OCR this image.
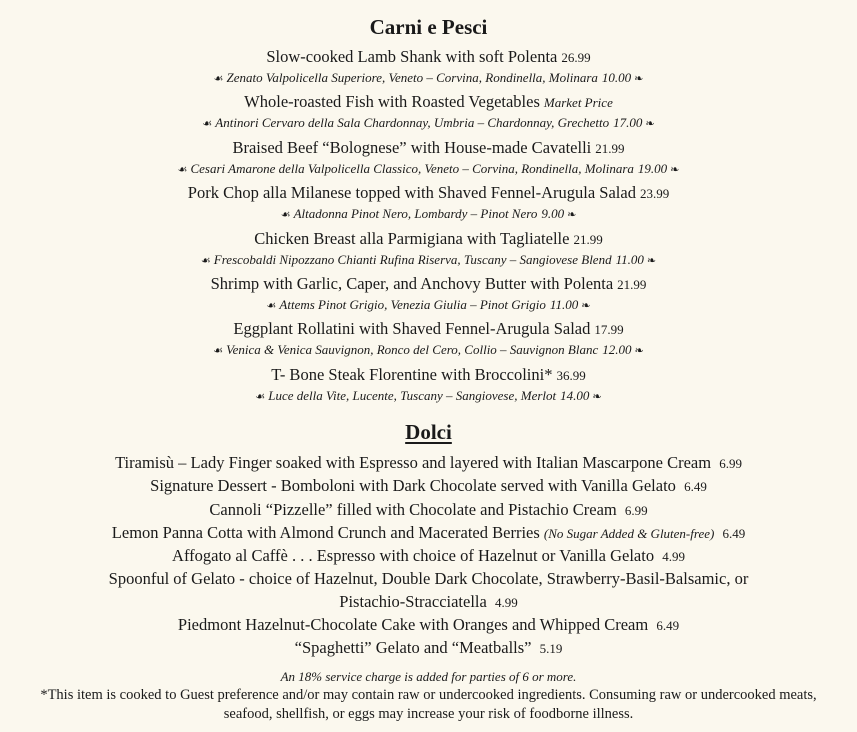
Carni e Pesci
Slow-cooked Lamb Shank with soft Polenta 26.99
☙ Zenato Valpolicella Superiore, Veneto – Corvina, Rondinella, Molinara 10.00 ❧
Whole-roasted Fish with Roasted Vegetables Market Price
☙ Antinori Cervaro della Sala Chardonnay, Umbria – Chardonnay, Grechetto 17.00 ❧
Braised Beef “Bolognese” with House-made Cavatelli 21.99
☙ Cesari Amarone della Valpolicella Classico, Veneto – Corvina, Rondinella, Molinara 19.00 ❧
Pork Chop alla Milanese topped with Shaved Fennel-Arugula Salad 23.99
☙ Altadonna Pinot Nero, Lombardy – Pinot Nero 9.00 ❧
Chicken Breast alla Parmigiana with Tagliatelle 21.99
☙ Frescobaldi Nipozzano Chianti Rufina Riserva, Tuscany – Sangiovese Blend 11.00 ❧
Shrimp with Garlic, Caper, and Anchovy Butter with Polenta 21.99
☙ Attems Pinot Grigio, Venezia Giulia – Pinot Grigio 11.00 ❧
Eggplant Rollatini with Shaved Fennel-Arugula Salad 17.99
☙ Venica & Venica Sauvignon, Ronco del Cero, Collio – Sauvignon Blanc 12.00 ❧
T- Bone Steak Florentine with Broccolini* 36.99
☙ Luce della Vite, Lucente, Tuscany – Sangiovese, Merlot 14.00 ❧
Dolci
Tiramisù – Lady Finger soaked with Espresso and layered with Italian Mascarpone Cream 6.99
Signature Dessert - Bomboloni with Dark Chocolate served with Vanilla Gelato 6.49
Cannoli “Pizzelle” filled with Chocolate and Pistachio Cream 6.99
Lemon Panna Cotta with Almond Crunch and Macerated Berries (No Sugar Added & Gluten-free) 6.49
Affogato al Caffè . . . Espresso with choice of Hazelnut or Vanilla Gelato 4.99
Spoonful of Gelato - choice of Hazelnut, Double Dark Chocolate, Strawberry-Basil-Balsamic, or
Pistachio-Stracciatella 4.99
Piedmont Hazelnut-Chocolate Cake with Oranges and Whipped Cream 6.49
“Spaghetti” Gelato and “Meatballs” 5.19
An 18% service charge is added for parties of 6 or more.
*This item is cooked to Guest preference and/or may contain raw or undercooked ingredients. Consuming raw or undercooked meats, seafood, shellfish, or eggs may increase your risk of foodborne illness.
